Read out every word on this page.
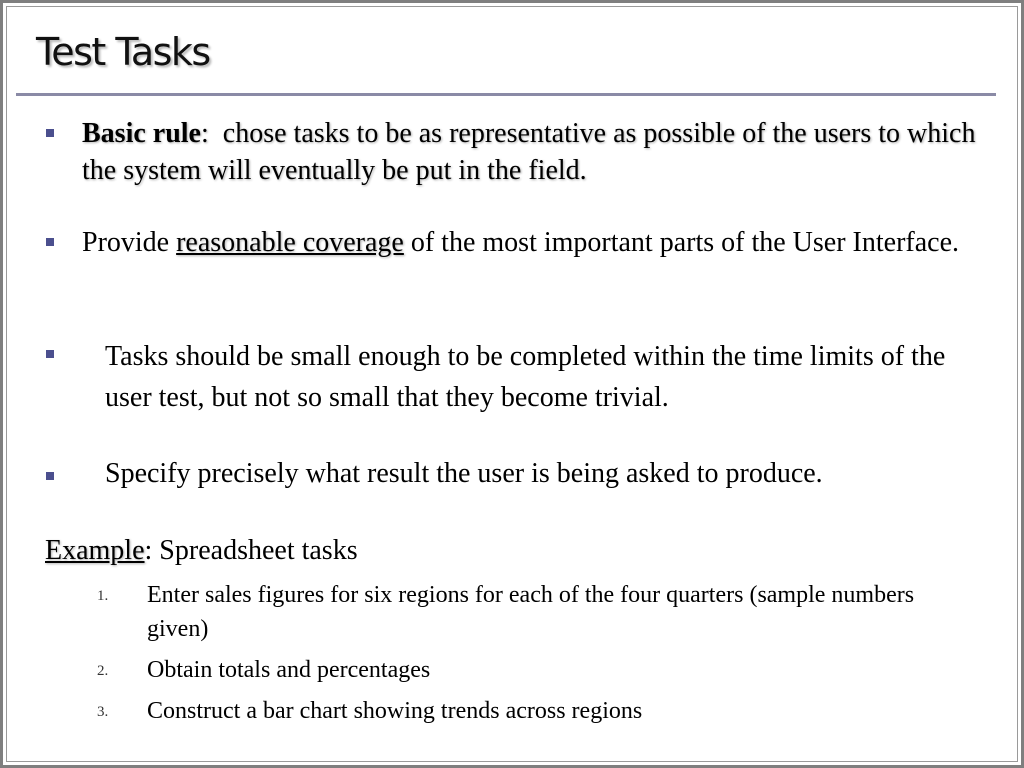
Test Tasks
Basic rule: chose tasks to be as representative as possible of the users to which the system will eventually be put in the field.
Provide reasonable coverage of the most important parts of the User Interface.
Tasks should be small enough to be completed within the time limits of the user test, but not so small that they become trivial.
Specify precisely what result the user is being asked to produce.
Example: Spreadsheet tasks
1. Enter sales figures for six regions for each of the four quarters (sample numbers given)
2. Obtain totals and percentages
3. Construct a bar chart showing trends across regions
